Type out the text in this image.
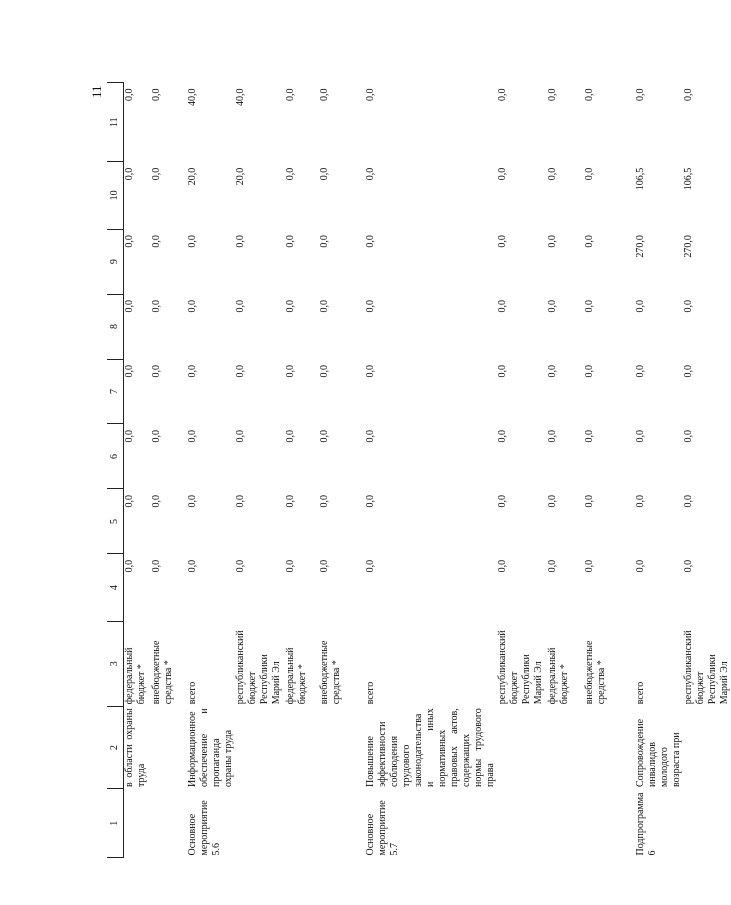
11
1	2	3	4	5	6	7	8	9	10	11
	в области охраны труда	федеральный бюджет *	0,0	0,0	0,0	0,0	0,0	0,0	0,0	0,0
		внебюджетные средства *	0,0	0,0	0,0	0,0	0,0	0,0	0,0	0,0
Основное мероприятие 5.6	Информационное обеспечение и пропаганда охраны труда	всего	0,0	0,0	0,0	0,0	0,0	0,0	20,0	40,0
		республиканский бюджет Республики Марий Эл	0,0	0,0	0,0	0,0	0,0	0,0	20,0	40,0
		федеральный бюджет *	0,0	0,0	0,0	0,0	0,0	0,0	0,0	0,0
		внебюджетные средства *	0,0	0,0	0,0	0,0	0,0	0,0	0,0	0,0
Основное мероприятие 5.7	Повышение эффективности соблюдения трудового законодательства и иных нормативных правовых актов, содержащих нормы трудового права	всего	0,0	0,0	0,0	0,0	0,0	0,0	0,0	0,0
		республиканский бюджет Республики Марий Эл	0,0	0,0	0,0	0,0	0,0	0,0	0,0	0,0
		федеральный бюджет *	0,0	0,0	0,0	0,0	0,0	0,0	0,0	0,0
		внебюджетные средства *	0,0	0,0	0,0	0,0	0,0	0,0	0,0	0,0
Подпрограмма 6	Сопровождение инвалидов молодого возраста при	всего	0,0	0,0	0,0	0,0	0,0	270,0	106,5	0,0
		республиканский бюджет Республики Марий Эл	0,0	0,0	0,0	0,0	0,0	270,0	106,5	0,0
